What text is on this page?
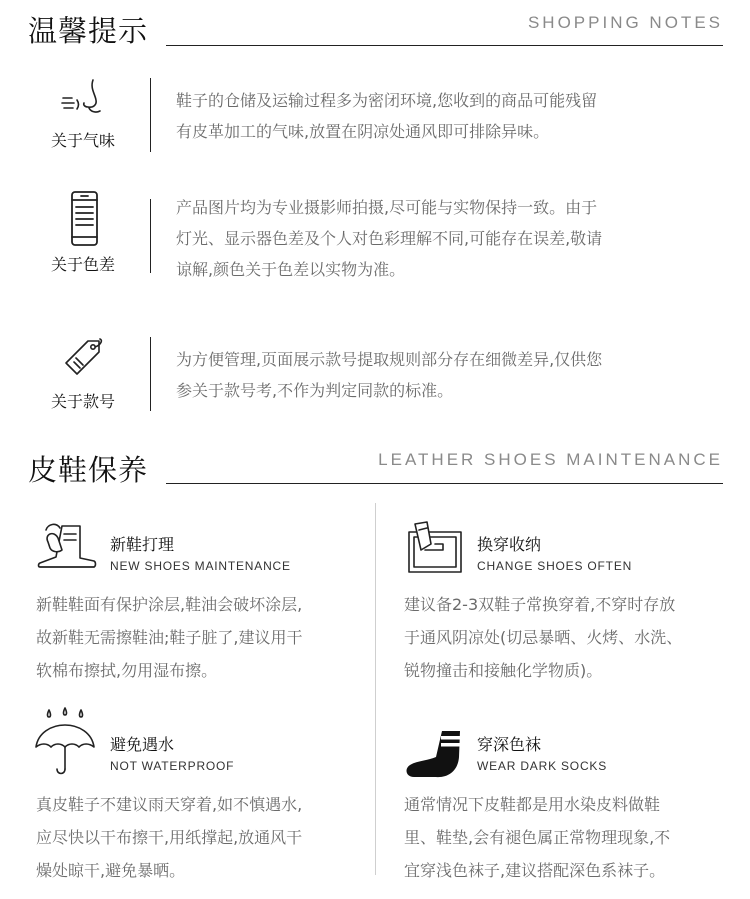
温馨提示	SHOPPING NOTES
关于气味
鞋子的仓储及运输过程多为密闭环境,您收到的商品可能残留
有皮革加工的气味,放置在阴凉处通风即可排除异味。
关于色差
产品图片均为专业摄影师拍摄,尽可能与实物保持一致。由于
灯光、显示器色差及个人对色彩理解不同,可能存在误差,敬请
谅解,颜色关于色差以实物为准。
关于款号
为方便管理,页面展示款号提取规则部分存在细微差异,仅供您
参关于款号考,不作为判定同款的标准。
皮鞋保养	LEATHER SHOES MAINTENANCE
新鞋打理
NEW SHOES MAINTENANCE
新鞋鞋面有保护涂层,鞋油会破坏涂层,
故新鞋无需擦鞋油;鞋子脏了,建议用干
软棉布擦拭,勿用湿布擦。
换穿收纳
CHANGE SHOES OFTEN
建议备2-3双鞋子常换穿着,不穿时存放
于通风阴凉处(切忌暴晒、火烤、水洗、
锐物撞击和接触化学物质)。
避免遇水
NOT WATERPROOF
真皮鞋子不建议雨天穿着,如不慎遇水,
应尽快以干布擦干,用纸撑起,放通风干
燥处晾干,避免暴晒。
穿深色袜
WEAR DARK SOCKS
通常情况下皮鞋都是用水染皮料做鞋
里、鞋垫,会有褪色属正常物理现象,不
宜穿浅色袜子,建议搭配深色系袜子。
